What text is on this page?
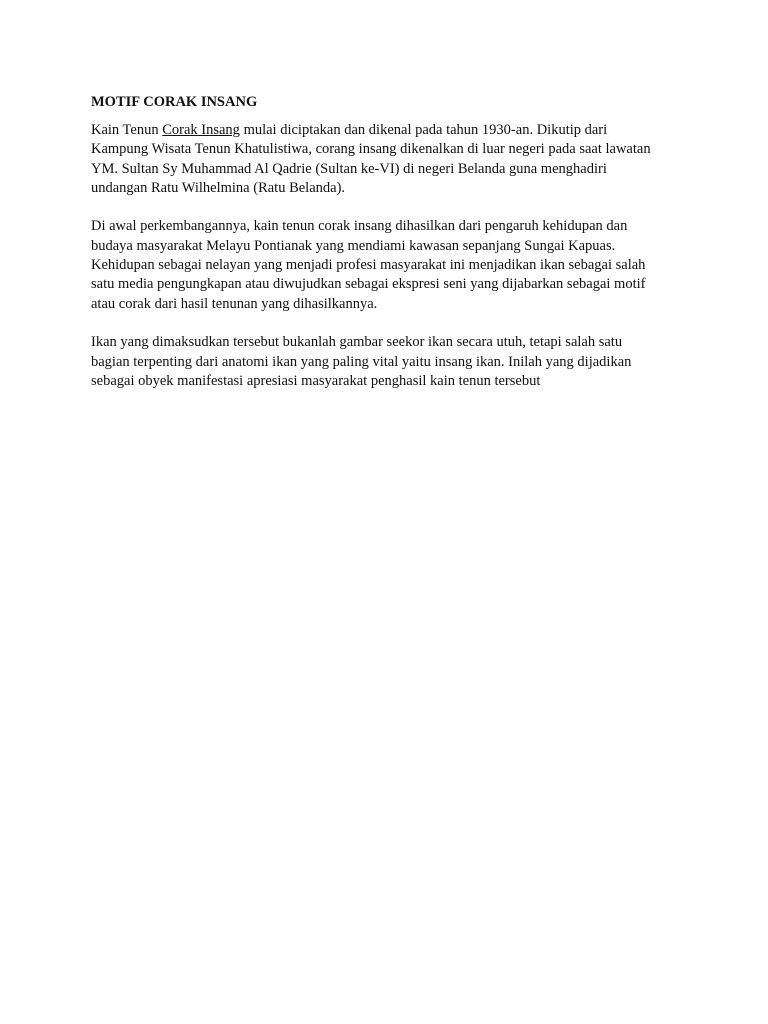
MOTIF CORAK INSANG
Kain Tenun Corak Insang mulai diciptakan dan dikenal pada tahun 1930-an. Dikutip dari
Kampung Wisata Tenun Khatulistiwa, corang insang dikenalkan di luar negeri pada saat lawatan
YM. Sultan Sy Muhammad Al Qadrie (Sultan ke-VI) di negeri Belanda guna menghadiri
undangan Ratu Wilhelmina (Ratu Belanda).
Di awal perkembangannya, kain tenun corak insang dihasilkan dari pengaruh kehidupan dan
budaya masyarakat Melayu Pontianak yang mendiami kawasan sepanjang Sungai Kapuas.
Kehidupan sebagai nelayan yang menjadi profesi masyarakat ini menjadikan ikan sebagai salah
satu media pengungkapan atau diwujudkan sebagai ekspresi seni yang dijabarkan sebagai motif
atau corak dari hasil tenunan yang dihasilkannya.
Ikan yang dimaksudkan tersebut bukanlah gambar seekor ikan secara utuh, tetapi salah satu
bagian terpenting dari anatomi ikan yang paling vital yaitu insang ikan. Inilah yang dijadikan
sebagai obyek manifestasi apresiasi masyarakat penghasil kain tenun tersebut
